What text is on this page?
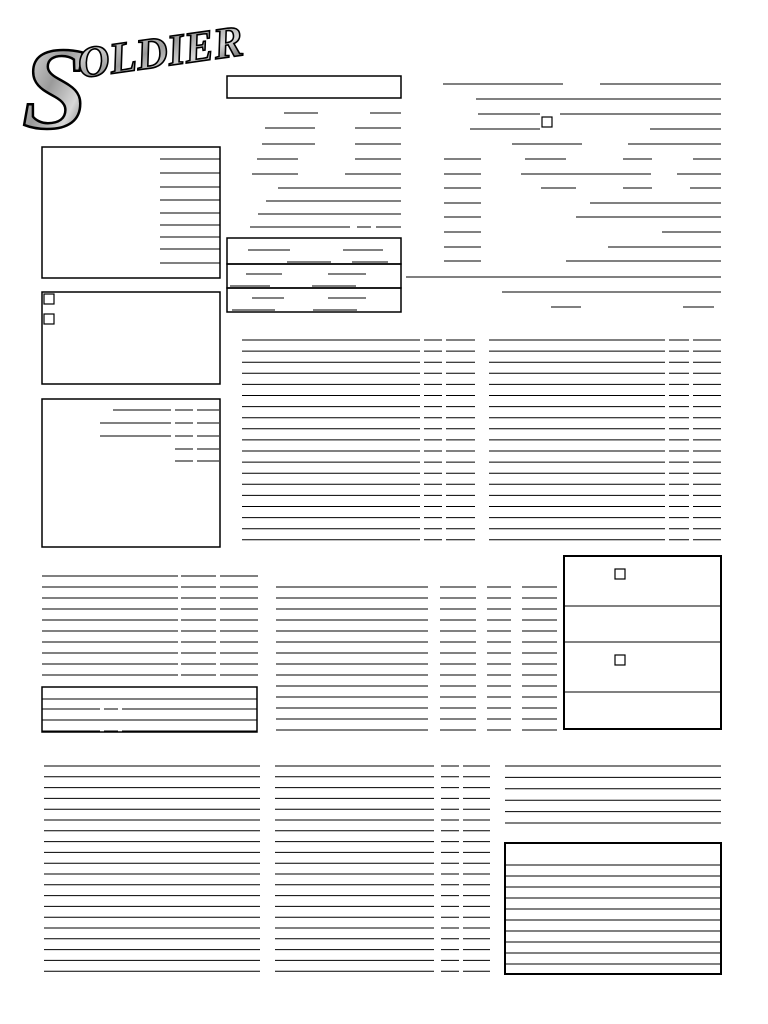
S
OLDIER
